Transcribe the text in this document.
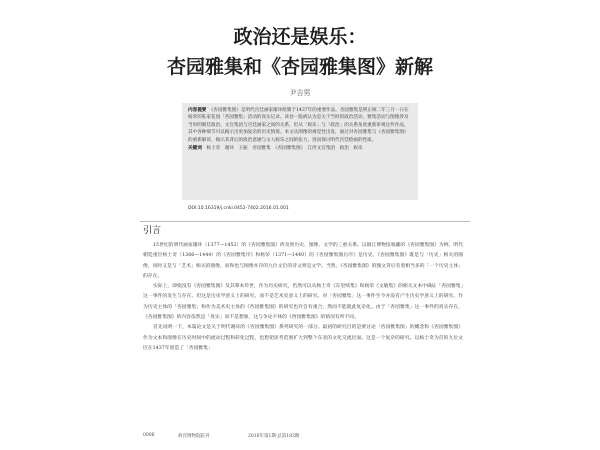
政治还是娱乐：
杏园雅集和《杏园雅集图》新解
尹吉男

内容提要　 《杏园雅集图》是明代宫廷画家谢环绘制于1437年的重要作品。杏园雅集是明正统二年三月一日在杨荣的私家花园「杏园雅集」活动的真实记录。该卷一般被认为是关于当时的政治活动，雅集活动与图像涉及当时的朝廷政治、文官集团与宫廷画家之间的关系，但从「娱乐」与「政治」的关系角度重新审视这件作品，其中各种细节可以揭示出更加复杂的历史情境。本文从图像的视觉性出发，通过对杏园雅集与《杏园雅集图》的重新解读，揭示其背后的政治意涵与文人娱乐之间的张力，进而探讨明代宫廷绘画的性质。

关键词　 杨士奇　谢环　王振　杏园雅集　《杏园雅集图》　江西文官集团　政治　娱乐

DOI:10.16319/j.cnki.0452-7402.2016.01.001
引言

15世纪的明代画家谢环（1377—1452）的《杏园雅集图》涉及到历史、图像、文学的三重关系。以镇江博物馆收藏的《杏园雅集图》为例，明代朝廷重臣杨士奇（1366—1444）的《杏园雅集序》和杨荣（1371—1440）的《杏园雅集图后序》是历史。《杏园雅集图》既是与「历史」相关的图像，同时又是与「艺术」相关的图像，而和也与图像并存的九位文臣的诗文则是文学。当然，《杏园雅集图》的图文背后有着相当多的「一个历史主体」的存在。

实际上，即使没有《杏园雅集图》及其摹本传世，作为历史研究，仍然可以从杨士奇《东里续集》和杨荣《文敏集》的相关文本中确证「杏园雅集」这一事件的发生与存在。但这是历史学意义上的研究，而不是艺术史意义上的研究。对「杏园雅集」这一事件至今并没有产生历史学意义上的研究。作为历史主体的「杏园雅集」和作为美术史主体的《杏园雅集图》的研究也许会有重合，然而不能就此复杂化。由于「杏园雅集」这一事件的真实存在，《杏园雅集图》的内容依然是「真实」而不是想象，这与争论不休的《西园雅集图》的情况有所不同。

首先说明一下，本篇论文是关于明代谢环的《杏园雅集图》系列研究的一部分。最初的研究目的是要讨论「杏园雅集图」的概念和《杏园雅集图》作为文本和图像在历史时间中的流动过程和转化过程，也想把思考范围扩大到整个东亚的文化交流层面。这是一个复杂的研究。以杨士奇为首的九位文臣在1437年创造了「杏园雅集」

0006	故宫博物院院刊	2016年第1期·总第183期
